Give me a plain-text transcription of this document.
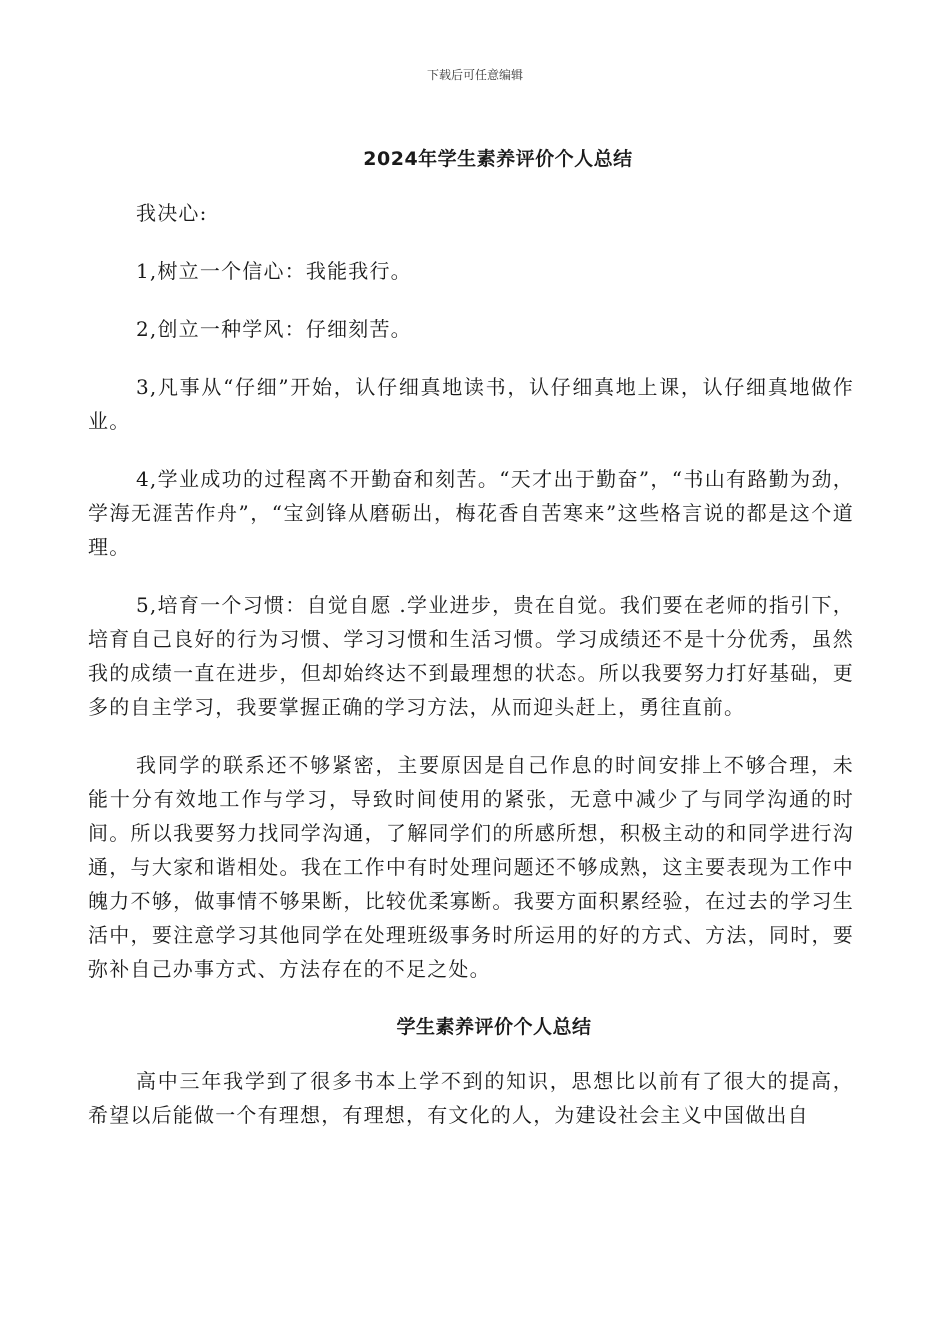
下载后可任意编辑
2024年学生素养评价个人总结

我决心:

1,树立一个信心：我能我行。

2,创立一种学风：仔细刻苦。

3,凡事从“仔细”开始，认仔细真地读书，认仔细真地上课，认仔细真地做作业。

4,学业成功的过程离不开勤奋和刻苦。“天才出于勤奋”，“书山有路勤为劲，学海无涯苦作舟”，“宝剑锋从磨砺出，梅花香自苦寒来”这些格言说的都是这个道理。

5,培育一个习惯：自觉自愿 .学业进步，贵在自觉。我们要在老师的指引下，培育自己良好的行为习惯、学习习惯和生活习惯。学习成绩还不是十分优秀，虽然我的成绩一直在进步，但却始终达不到最理想的状态。所以我要努力打好基础，更多的自主学习，我要掌握正确的学习方法，从而迎头赶上，勇往直前。

我同学的联系还不够紧密，主要原因是自己作息的时间安排上不够合理，未能十分有效地工作与学习，导致时间使用的紧张，无意中减少了与同学沟通的时间。所以我要努力找同学沟通，了解同学们的所感所想，积极主动的和同学进行沟通，与大家和谐相处。我在工作中有时处理问题还不够成熟，这主要表现为工作中魄力不够，做事情不够果断，比较优柔寡断。我要方面积累经验，在过去的学习生活中，要注意学习其他同学在处理班级事务时所运用的好的方式、方法，同时，要弥补自己办事方式、方法存在的不足之处。

学生素养评价个人总结

高中三年我学到了很多书本上学不到的知识，思想比以前有了很大的提高，希望以后能做一个有理想，有理想，有文化的人，为建设社会主义中国做出自
